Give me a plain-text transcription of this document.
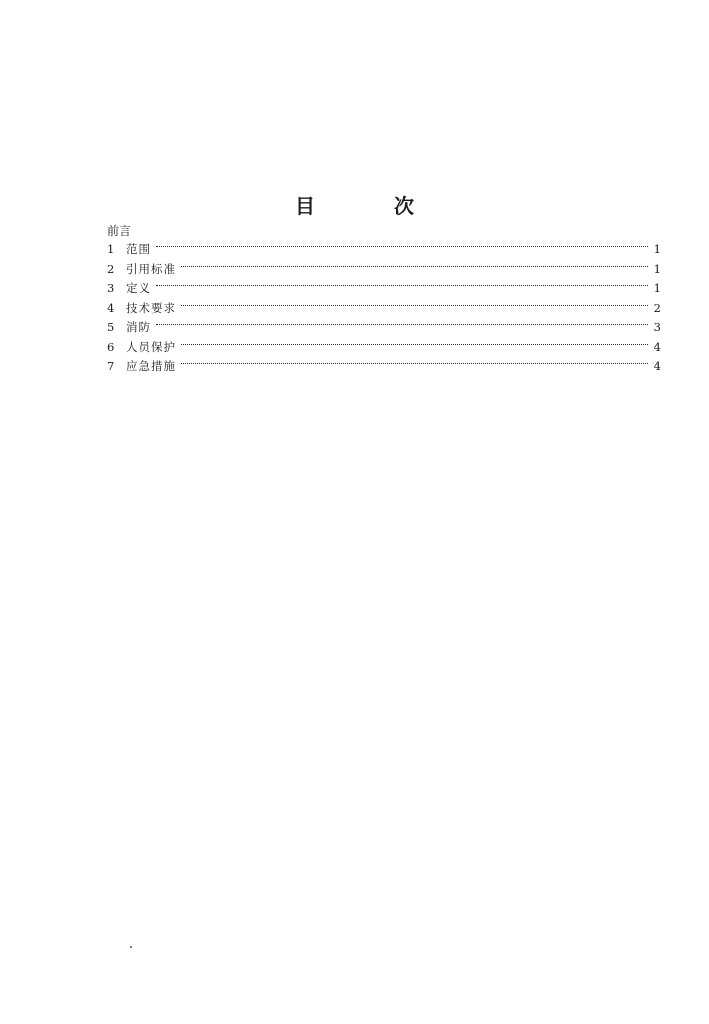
目 次
前言
1	范围	1
2	引用标准	1
3	定义	1
4	技术要求	2
5	消防	3
6	人员保护	4
7	应急措施	4
